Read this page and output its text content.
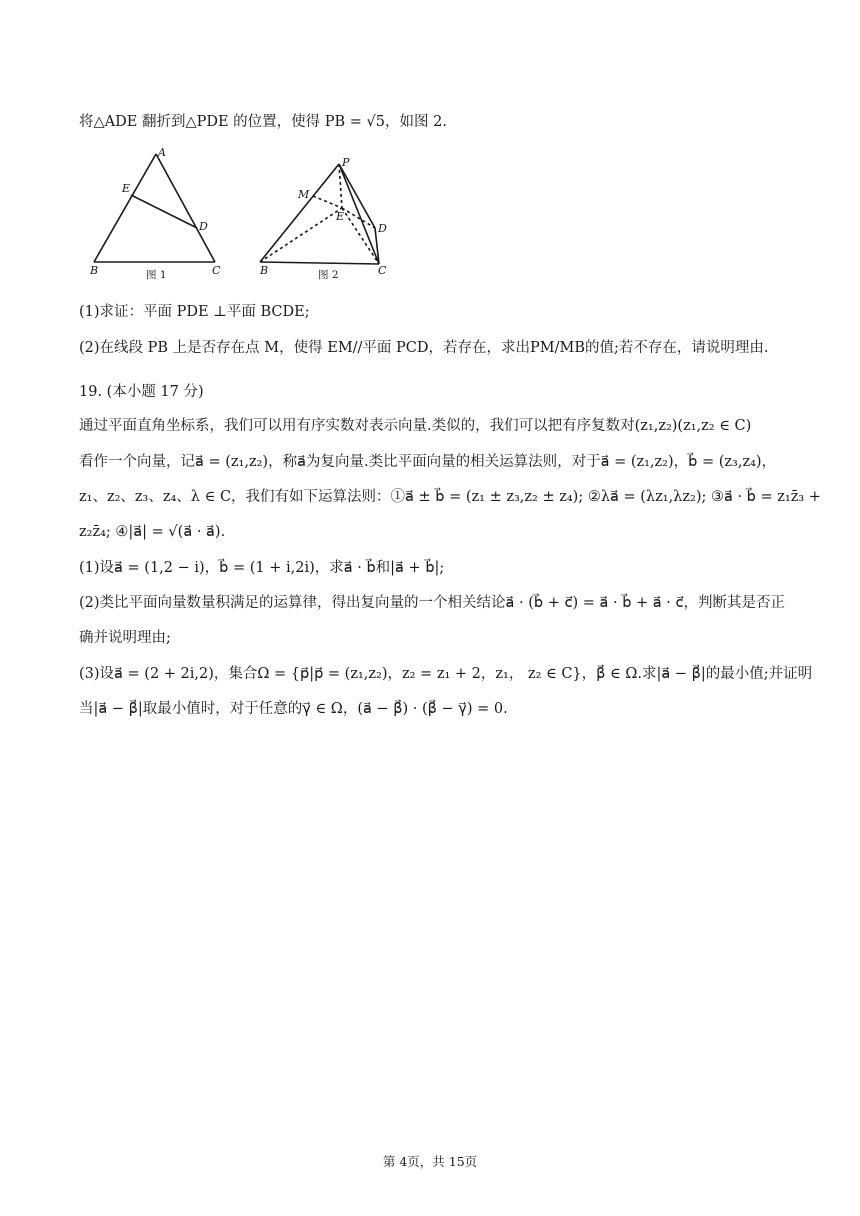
将△ADE 翻折到△PDE 的位置，使得 PB = √5，如图 2.
A
E
D
B	C
图 1
P
M
E
D
B	C
图 2
(1)求证：平面 PDE ⊥平面 BCDE;
(2)在线段 PB 上是否存在点 M，使得 EM//平面 PCD，若存在，求出PM/MB的值;若不存在，请说明理由.
19. (本小题 17 分)
通过平面直角坐标系，我们可以用有序实数对表示向量.类似的，我们可以把有序复数对(z₁,z₂)(z₁,z₂ ∈ C)
看作一个向量，记a⃗ = (z₁,z₂)，称a⃗为复向量.类比平面向量的相关运算法则，对于a⃗ = (z₁,z₂)，b⃗ = (z₃,z₄)，
z₁、z₂、z₃、z₄、λ ∈ C，我们有如下运算法则：①a⃗ ± b⃗ = (z₁ ± z₃,z₂ ± z₄); ②λa⃗ = (λz₁,λz₂); ③a⃗ · b⃗ = z₁z̄₃ +
z₂z̄₄; ④|a⃗| = √(a⃗ · a⃗).
(1)设a⃗ = (1,2 − i)，b⃗ = (1 + i,2i)，求a⃗ · b⃗和|a⃗ + b⃗|;
(2)类比平面向量数量积满足的运算律，得出复向量的一个相关结论a⃗ · (b⃗ + c⃗) = a⃗ · b⃗ + a⃗ · c⃗，判断其是否正
确并说明理由;
(3)设a⃗ = (2 + 2i,2)，集合Ω = {p⃗|p⃗ = (z₁,z₂)，z₂ = z₁ + 2，z₁， z₂ ∈ C}，β⃗ ∈ Ω.求|a⃗ − β⃗|的最小值;并证明
当|a⃗ − β⃗|取最小值时，对于任意的γ⃗ ∈ Ω，(a⃗ − β⃗) · (β⃗ − γ⃗) = 0.
第 4页，共 15页
